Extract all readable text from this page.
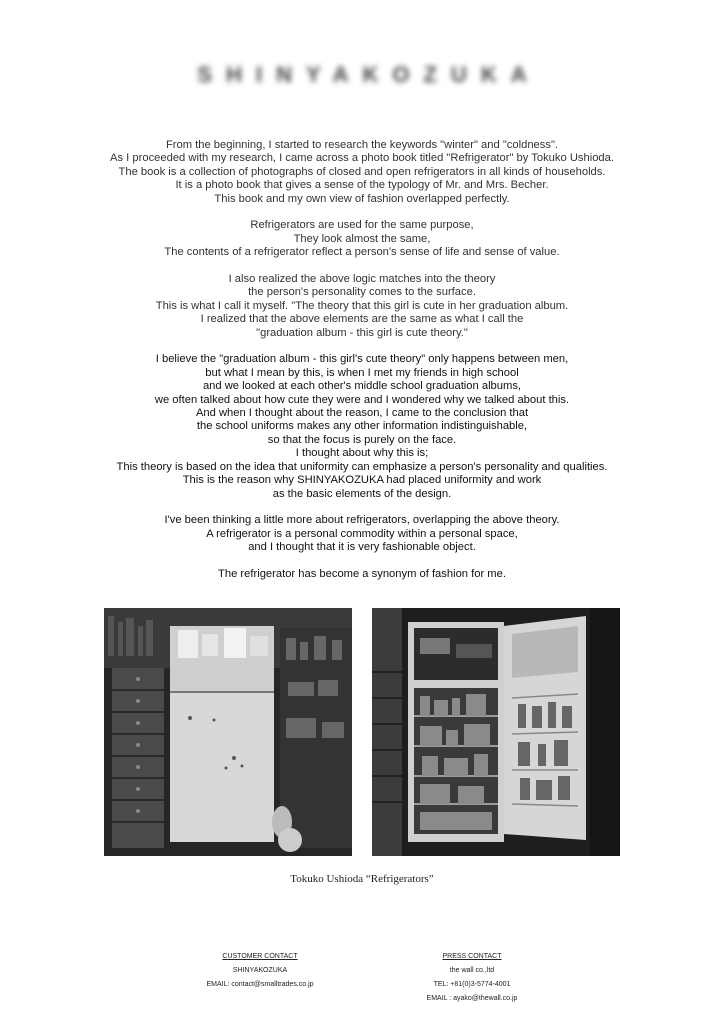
SHINYAKOZUKA

From the beginning, I started to research the keywords "winter" and "coldness".
As I proceeded with my research, I came across a photo book titled "Refrigerator" by Tokuko Ushioda.
The book is a collection of photographs of closed and open refrigerators in all kinds of households.
It is a photo book that gives a sense of the typology of Mr. and Mrs. Becher.
This book and my own view of fashion overlapped perfectly.

Refrigerators are used for the same purpose,
They look almost the same,
The contents of a refrigerator reflect a person's sense of life and sense of value.

I also realized the above logic matches into the theory
the person's personality comes to the surface.
This is what I call it myself. "The theory that this girl is cute in her graduation album.
I realized that the above elements are the same as what I call the
"graduation album - this girl is cute theory."

I believe the "graduation album - this girl's cute theory" only happens between men,
but what I mean by this, is when I met my friends in high school
and we looked at each other's middle school graduation albums,
we often talked about how cute they were and I wondered why we talked about this.
And when I thought about the reason, I came to the conclusion that
the school uniforms makes any other information indistinguishable,
so that the focus is purely on the face.
I thought about why this is;
This theory is based on the idea that uniformity can emphasize a person's personality and qualities.
This is the reason why SHINYAKOZUKA had placed uniformity and work
as the basic elements of the design.

I've been thinking a little more about refrigerators, overlapping the above theory.
A refrigerator is a personal commodity within a personal space,
and I thought that it is very fashionable object.

The refrigerator has become a synonym of fashion for me.

Tokuko Ushioda “Refrigerators”
CUSTOMER CONTACT
SHINYAKOZUKA
EMAIL: contact@smalltrades.co.jp
PRESS CONTACT
the wall co.,ltd
TEL: +81(0)3-5774-4001
EMAIL : ayako@thewall.co.jp
